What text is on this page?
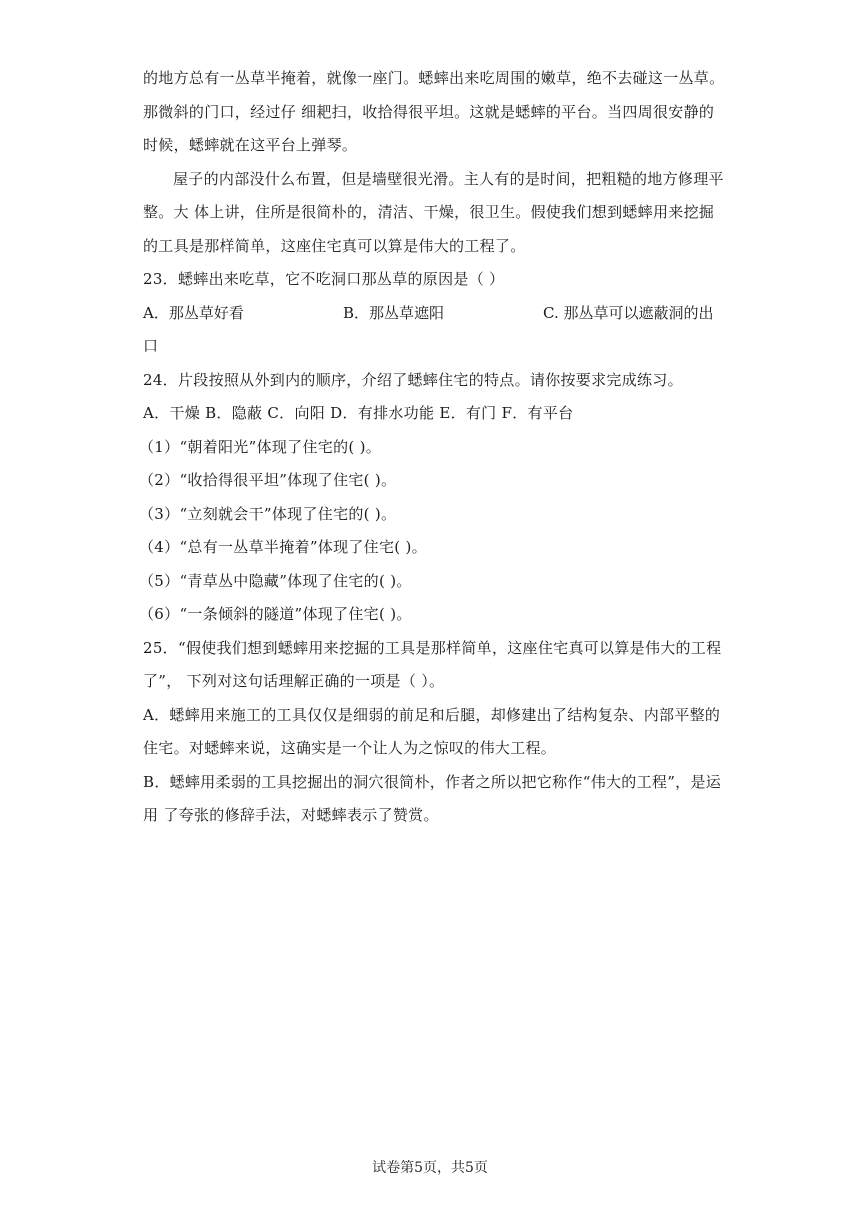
的地方总有一丛草半掩着，就像一座门。蟋蟀出来吃周围的嫩草，绝不去碰这一丛草。
那微斜的门口，经过仔 细耙扫，收拾得很平坦。这就是蟋蟀的平台。当四周很安静的
时候，蟋蟀就在这平台上弹琴。
屋子的内部没什么布置，但是墙壁很光滑。主人有的是时间，把粗糙的地方修理平
整。大 体上讲，住所是很简朴的，清洁、干燥，很卫生。假使我们想到蟋蟀用来挖掘
的工具是那样简单，这座住宅真可以算是伟大的工程了。
23．蟋蟀出来吃草，它不吃洞口那丛草的原因是（ ）
A．那丛草好看	B．那丛草遮阳	C. 那丛草可以遮蔽洞的出
口
24．片段按照从外到内的顺序，介绍了蟋蟀住宅的特点。请你按要求完成练习。
A．干燥 B．隐蔽 C．向阳 D．有排水功能 E．有门 F．有平台
（1）“朝着阳光”体现了住宅的( )。
（2）“收拾得很平坦”体现了住宅( )。
（3）“立刻就会干”体现了住宅的( )。
（4）“总有一丛草半掩着”体现了住宅( )。
（5）“青草丛中隐藏”体现了住宅的( )。
（6）“一条倾斜的隧道”体现了住宅( )。
25．“假使我们想到蟋蟀用来挖掘的工具是那样简单，这座住宅真可以算是伟大的工程
了”， 下列对这句话理解正确的一项是（ ）。
A．蟋蟀用来施工的工具仅仅是细弱的前足和后腿，却修建出了结构复杂、内部平整的
住宅。对蟋蟀来说，这确实是一个让人为之惊叹的伟大工程。
B．蟋蟀用柔弱的工具挖掘出的洞穴很简朴，作者之所以把它称作“伟大的工程”，是运
用 了夸张的修辞手法，对蟋蟀表示了赞赏。
试卷第5页，共5页
